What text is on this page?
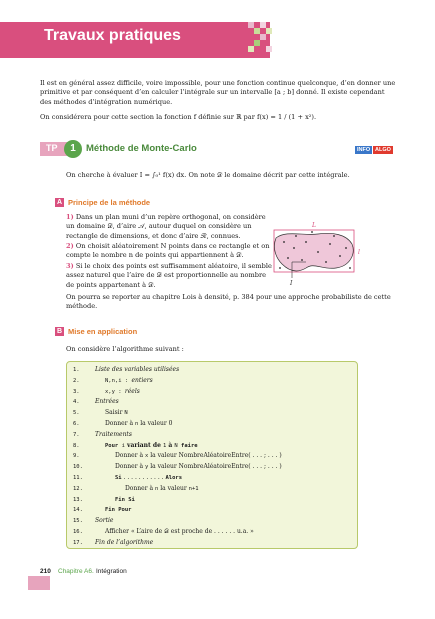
Travaux pratiques

Il est en général assez difficile, voire impossible, pour une fonction continue quelconque, d’en donner une primitive et par conséquent d’en calculer l’intégrale sur un intervalle [a ; b] donné. Il existe cependant des méthodes d’intégration numérique.

On considérera pour cette section la fonction f définie sur ℝ par f(x) = 1 / (1 + x²).

TP	1	Méthode de Monte-Carlo	INFO ALGO

On cherche à évaluer I = ∫₀¹ f(x) dx. On note 𝒟 le domaine décrit par cette intégrale.

A Principe de la méthode

1) Dans un plan muni d’un repère orthogonal, on considère un domaine 𝒟, d’aire 𝒜, autour duquel on considère un rectangle de dimensions, et donc d’aire ℛ, connues.

2) On choisit aléatoirement N points dans ce rectangle et on compte le nombre n de points qui appartiennent à 𝒟.

3) Si le choix des points est suffisamment aléatoire, il semble assez naturel que l’aire de 𝒟 est proportionnelle au nombre de points appartenant à 𝒟.

On pourra se reporter au chapitre Lois à densité, p. 384 pour une approche probabiliste de cette méthode.

L
l
I
B Mise en application

On considère l’algorithme suivant :

1.	Liste des variables utilisées
2.	N,n,i : entiers
3.	x,y : réels
4.	Entrées
5.	Saisir N
6.	Donner à n la valeur 0
7.	Traitements
8.	Pour i variant de 1 à N faire
9.	Donner à x la valeur NombreAléatoireEntre( . . . ; . . . )
10.	Donner à y la valeur NombreAléatoireEntre( . . . ; . . . )
11.	Si . . . . . . . . . . . Alors
12.	Donner à n la valeur n+1
13.	Fin Si
14.	Fin Pour
15. Sortie
16.	Afficher « L’aire de 𝒟 est proche de . . . . . . u.a. »
17. Fin de l’algorithme
210 Chapitre A6. Intégration
